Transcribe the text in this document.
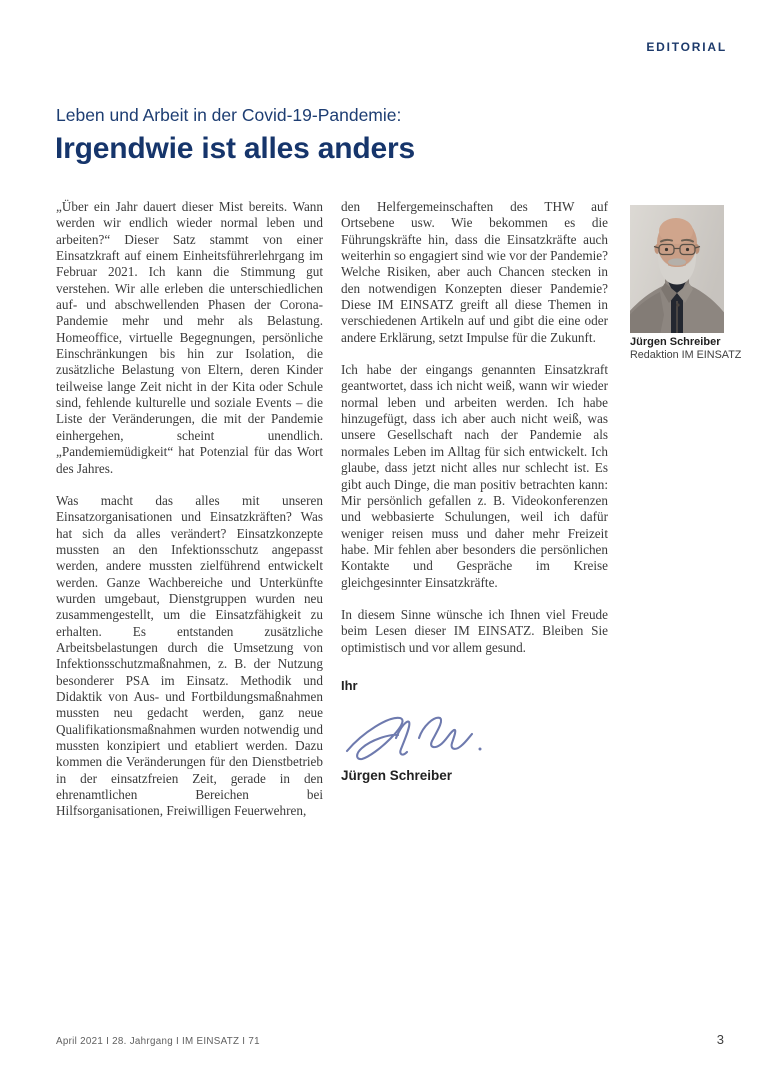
EDITORIAL
Leben und Arbeit in der Covid-19-Pandemie:
Irgendwie ist alles anders

„Über ein Jahr dauert dieser Mist bereits. Wann werden wir endlich wieder normal leben und arbeiten?“ Dieser Satz stammt von einer Einsatzkraft auf einem Einheitsführerlehrgang im Februar 2021. Ich kann die Stimmung gut verstehen. Wir alle erleben die unterschiedlichen auf- und abschwellenden Phasen der Corona-Pandemie mehr und mehr als Belastung. Homeoffice, virtuelle Begegnungen, persönliche Einschränkungen bis hin zur Isolation, die zusätzliche Belastung von Eltern, deren Kinder teilweise lange Zeit nicht in der Kita oder Schule sind, fehlende kulturelle und soziale Events – die Liste der Veränderungen, die mit der Pandemie einhergehen, scheint unendlich. „Pandemiemüdigkeit“ hat Potenzial für das Wort des Jahres.

Was macht das alles mit unseren Einsatzorganisationen und Einsatzkräften? Was hat sich da alles verändert? Einsatzkonzepte mussten an den Infektionsschutz angepasst werden, andere mussten zielführend entwickelt werden. Ganze Wachbereiche und Unterkünfte wurden umgebaut, Dienstgruppen wurden neu zusammengestellt, um die Einsatzfähigkeit zu erhalten. Es entstanden zusätzliche Arbeitsbelastungen durch die Umsetzung von Infektionsschutzmaßnahmen, z. B. der Nutzung besonderer PSA im Einsatz. Methodik und Didaktik von Aus- und Fortbildungsmaßnahmen mussten neu gedacht werden, ganz neue Qualifikationsmaßnahmen wurden notwendig und mussten konzipiert und etabliert werden. Dazu kommen die Veränderungen für den Dienstbetrieb in der einsatzfreien Zeit, gerade in den ehrenamtlichen Bereichen bei Hilfsorganisationen, Freiwilligen Feuerwehren,

den Helfergemeinschaften des THW auf Ortsebene usw. Wie bekommen es die Führungskräfte hin, dass die Einsatzkräfte auch weiterhin so engagiert sind wie vor der Pandemie? Welche Risiken, aber auch Chancen stecken in den notwendigen Konzepten dieser Pandemie? Diese IM EINSATZ greift all diese Themen in verschiedenen Artikeln auf und gibt die eine oder andere Erklärung, setzt Impulse für die Zukunft.

Ich habe der eingangs genannten Einsatzkraft geantwortet, dass ich nicht weiß, wann wir wieder normal leben und arbeiten werden. Ich habe hinzugefügt, dass ich aber auch nicht weiß, was unsere Gesellschaft nach der Pandemie als normales Leben im Alltag für sich entwickelt. Ich glaube, dass jetzt nicht alles nur schlecht ist. Es gibt auch Dinge, die man positiv betrachten kann: Mir persönlich gefallen z. B. Videokonferenzen und webbasierte Schulungen, weil ich dafür weniger reisen muss und daher mehr Freizeit habe. Mir fehlen aber besonders die persönlichen Kontakte und Gespräche im Kreise gleichgesinnter Einsatzkräfte.

In diesem Sinne wünsche ich Ihnen viel Freude beim Lesen dieser IM EINSATZ. Bleiben Sie optimistisch und vor allem gesund.

Ihr
Jürgen Schreiber
Jürgen Schreiber
Redaktion IM EINSATZ
April 2021 I 28. Jahrgang I IM EINSATZ I 71	3
